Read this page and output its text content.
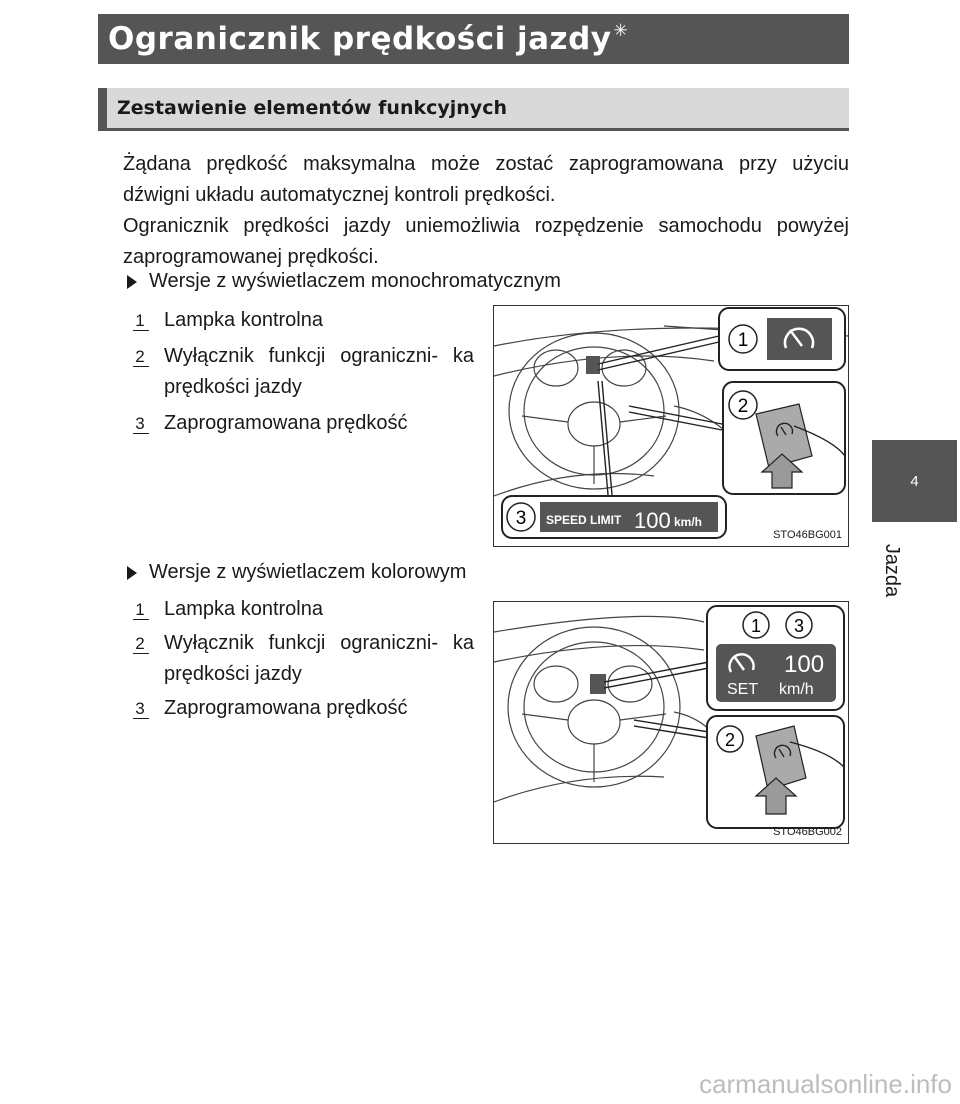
Ogranicznik prędkości jazdy ✳
Zestawienie elementów funkcyjnych

Żądana prędkość maksymalna może zostać zaprogramowana przy użyciu dźwigni układu automatycznej kontroli prędkości.

Ogranicznik prędkości jazdy uniemożliwia rozpędzenie samochodu powyżej zaprogramowanej prędkości.

Wersje z wyświetlaczem monochromatycznym
1 Lampka kontrolna
2 Wyłącznik funkcji ograniczni- ka prędkości jazdy
3 Zaprogramowana prędkość
1
2
3 SPEED LIMIT 100 km/h
STO46BG001
Wersje z wyświetlaczem kolorowym
1 Lampka kontrolna
2 Wyłącznik funkcji ograniczni- ka prędkości jazdy
3 Zaprogramowana prędkość
1 3
100
SET km/h
2
STO46BG002
4
Jazda
carmanualsonline.info
